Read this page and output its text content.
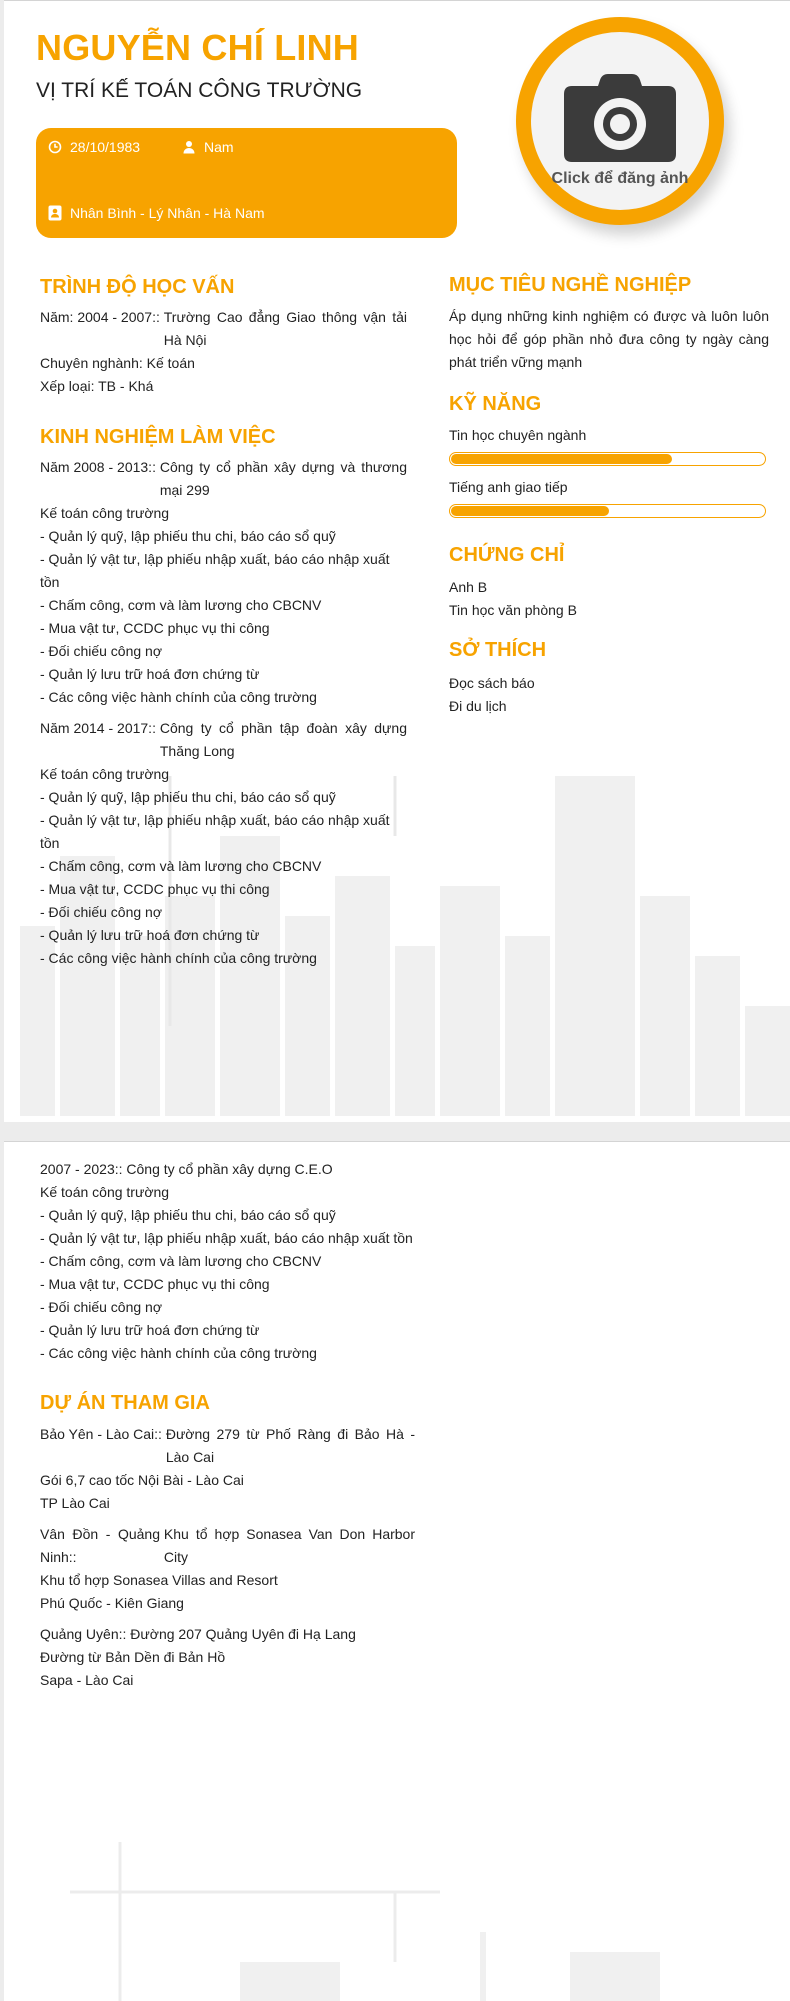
NGUYỄN CHÍ LINH
VỊ TRÍ KẾ TOÁN CÔNG TRƯỜNG
28/10/1983	Nam
Nhân Bình - Lý Nhân - Hà Nam
Click để đăng ảnh
TRÌNH ĐỘ HỌC VẤN
Năm: 2004 - 2007::
Trường Cao đẳng Giao thông vận tải Hà Nội
Chuyên nghành: Kế toán
Xếp loại: TB - Khá
KINH NGHIỆM LÀM VIỆC
Năm 2008 - 2013::
Công ty cổ phần xây dựng và thương mại 299
Kế toán công trường
- Quản lý quỹ, lập phiếu thu chi, báo cáo sổ quỹ
- Quản lý vật tư, lập phiếu nhập xuất, báo cáo nhập xuất tồn
- Chấm công, cơm và làm lương cho CBCNV
- Mua vật tư, CCDC phục vụ thi công
- Đối chiếu công nợ
- Quản lý lưu trữ hoá đơn chứng từ
- Các công việc hành chính của công trường
Năm 2014 - 2017::
Công ty cổ phần tập đoàn xây dựng Thăng Long
Kế toán công trường
- Quản lý quỹ, lập phiếu thu chi, báo cáo sổ quỹ
- Quản lý vật tư, lập phiếu nhập xuất, báo cáo nhập xuất tồn
- Chấm công, cơm và làm lương cho CBCNV
- Mua vật tư, CCDC phục vụ thi công
- Đối chiếu công nợ
- Quản lý lưu trữ hoá đơn chứng từ
- Các công việc hành chính của công trường
MỤC TIÊU NGHỀ NGHIỆP
Áp dụng những kinh nghiệm có được và luôn luôn học hỏi để góp phần nhỏ đưa công ty ngày càng phát triển vững mạnh
KỸ NĂNG
Tin học chuyên ngành
Tiếng anh giao tiếp
CHỨNG CHỈ
Anh B
Tin học văn phòng B
SỞ THÍCH
Đọc sách báo
Đi du lịch
2007 - 2023::
Công ty cổ phần xây dựng C.E.O
Kế toán công trường
- Quản lý quỹ, lập phiếu thu chi, báo cáo sổ quỹ
- Quản lý vật tư, lập phiếu nhập xuất, báo cáo nhập xuất tồn
- Chấm công, cơm và làm lương cho CBCNV
- Mua vật tư, CCDC phục vụ thi công
- Đối chiếu công nợ
- Quản lý lưu trữ hoá đơn chứng từ
- Các công việc hành chính của công trường
DỰ ÁN THAM GIA
Bảo Yên - Lào Cai::
Đường 279 từ Phố Ràng đi Bảo Hà - Lào Cai
Gói 6,7 cao tốc Nội Bài - Lào Cai
TP Lào Cai
Vân Đồn - Quảng Ninh::

Khu tổ hợp Sonasea Van Don Harbor City
Khu tổ hợp Sonasea Villas and Resort
Phú Quốc - Kiên Giang
Quảng Uyên::
Đường 207 Quảng Uyên đi Hạ Lang
Đường từ Bản Dền đi Bản Hồ
Sapa - Lào Cai
